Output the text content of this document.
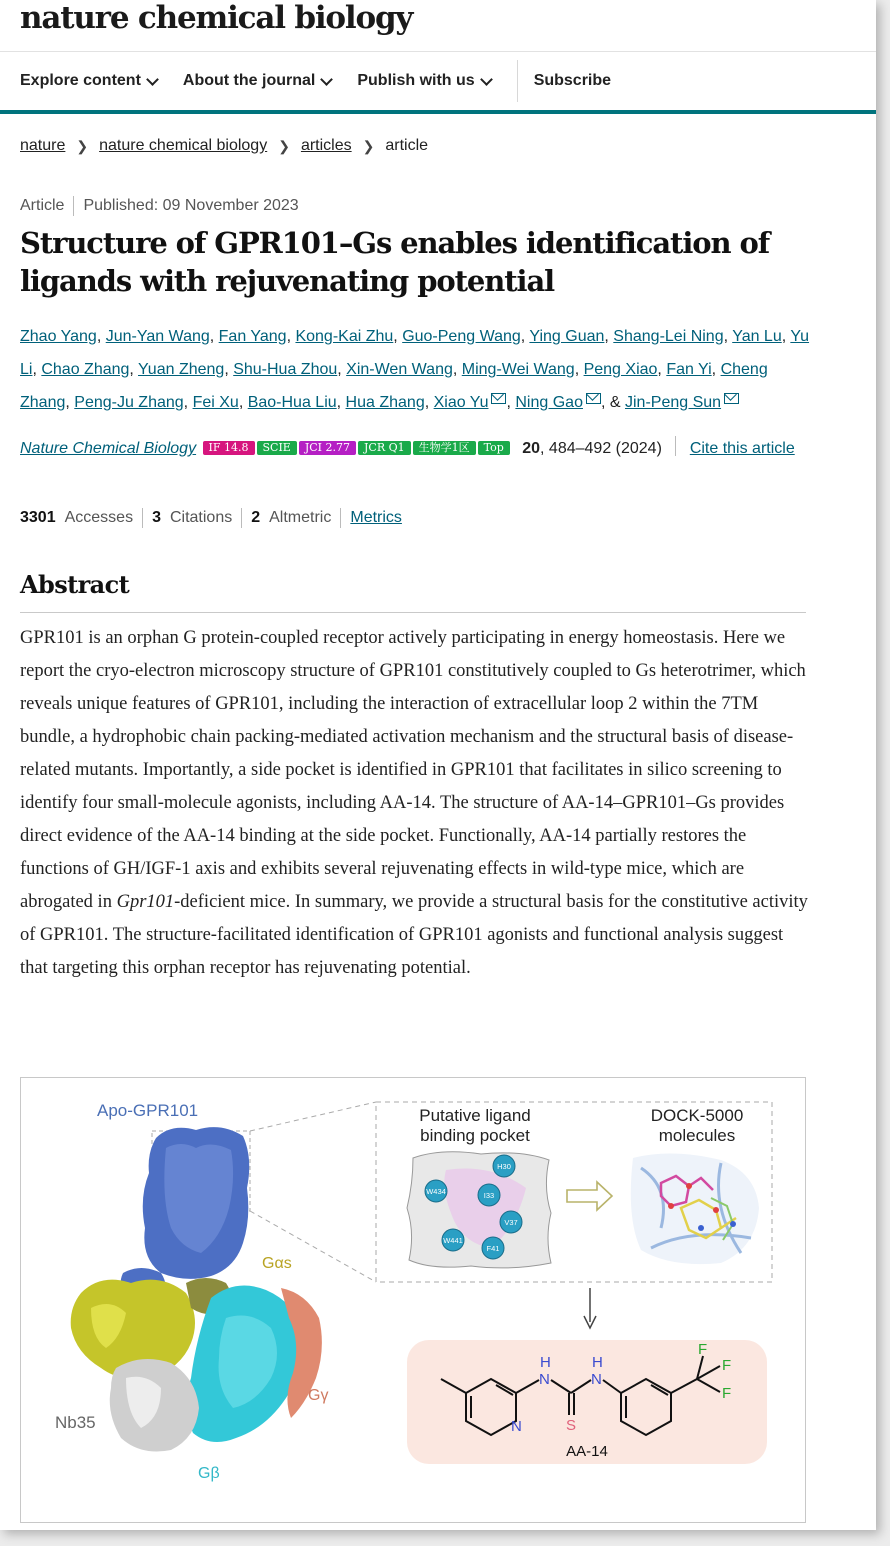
nature chemical biology
Explore content	About the journal	Publish with us	Subscribe
nature ❯ nature chemical biology ❯ articles ❯ article
Article Published: 09 November 2023
Structure of GPR101–Gs enables identification of ligands with rejuvenating potential
Zhao Yang, Jun-Yan Wang, Fan Yang, Kong-Kai Zhu, Guo-Peng Wang, Ying Guan, Shang-Lei Ning, Yan Lu, Yu Li, Chao Zhang, Yuan Zheng, Shu-Hua Zhou, Xin-Wen Wang, Ming-Wei Wang, Peng Xiao, Fan Yi, Cheng Zhang, Peng-Ju Zhang, Fei Xu, Bao-Hua Liu, Hua Zhang, Xiao Yu , Ning Gao , & Jin-Peng Sun
Nature Chemical Biology IF 14.8 SCIE JCI 2.77 JCR Q1 生物学1区 Top 20, 484–492 (2024) Cite this article
3301 Accesses 3 Citations 2 Altmetric Metrics
Abstract

GPR101 is an orphan G protein-coupled receptor actively participating in energy homeostasis. Here we report the cryo-electron microscopy structure of GPR101 constitutively coupled to Gs heterotrimer, which reveals unique features of GPR101, including the interaction of extracellular loop 2 within the 7TM bundle, a hydrophobic chain packing-mediated activation mechanism and the structural basis of disease-related mutants. Importantly, a side pocket is identified in GPR101 that facilitates in silico screening to identify four small-molecule agonists, including AA-14. The structure of AA-14–GPR101–Gs provides direct evidence of the AA-14 binding at the side pocket. Functionally, AA-14 partially restores the functions of GH/IGF-1 axis and exhibits several rejuvenating effects in wild-type mice, which are abrogated in Gpr101-deficient mice. In summary, we provide a structural basis for the constitutive activity of GPR101. The structure-facilitated identification of GPR101 agonists and functional analysis suggest that targeting this orphan receptor has rejuvenating potential.

Apo-GPR101
Gαs
Gγ
Nb35
Gβ
Putative ligand
binding pocket
DOCK-5000
molecules
H30
W434	I33
V37
W441
F41
N
N
H
N
H
S
F
F
F
AA-14
